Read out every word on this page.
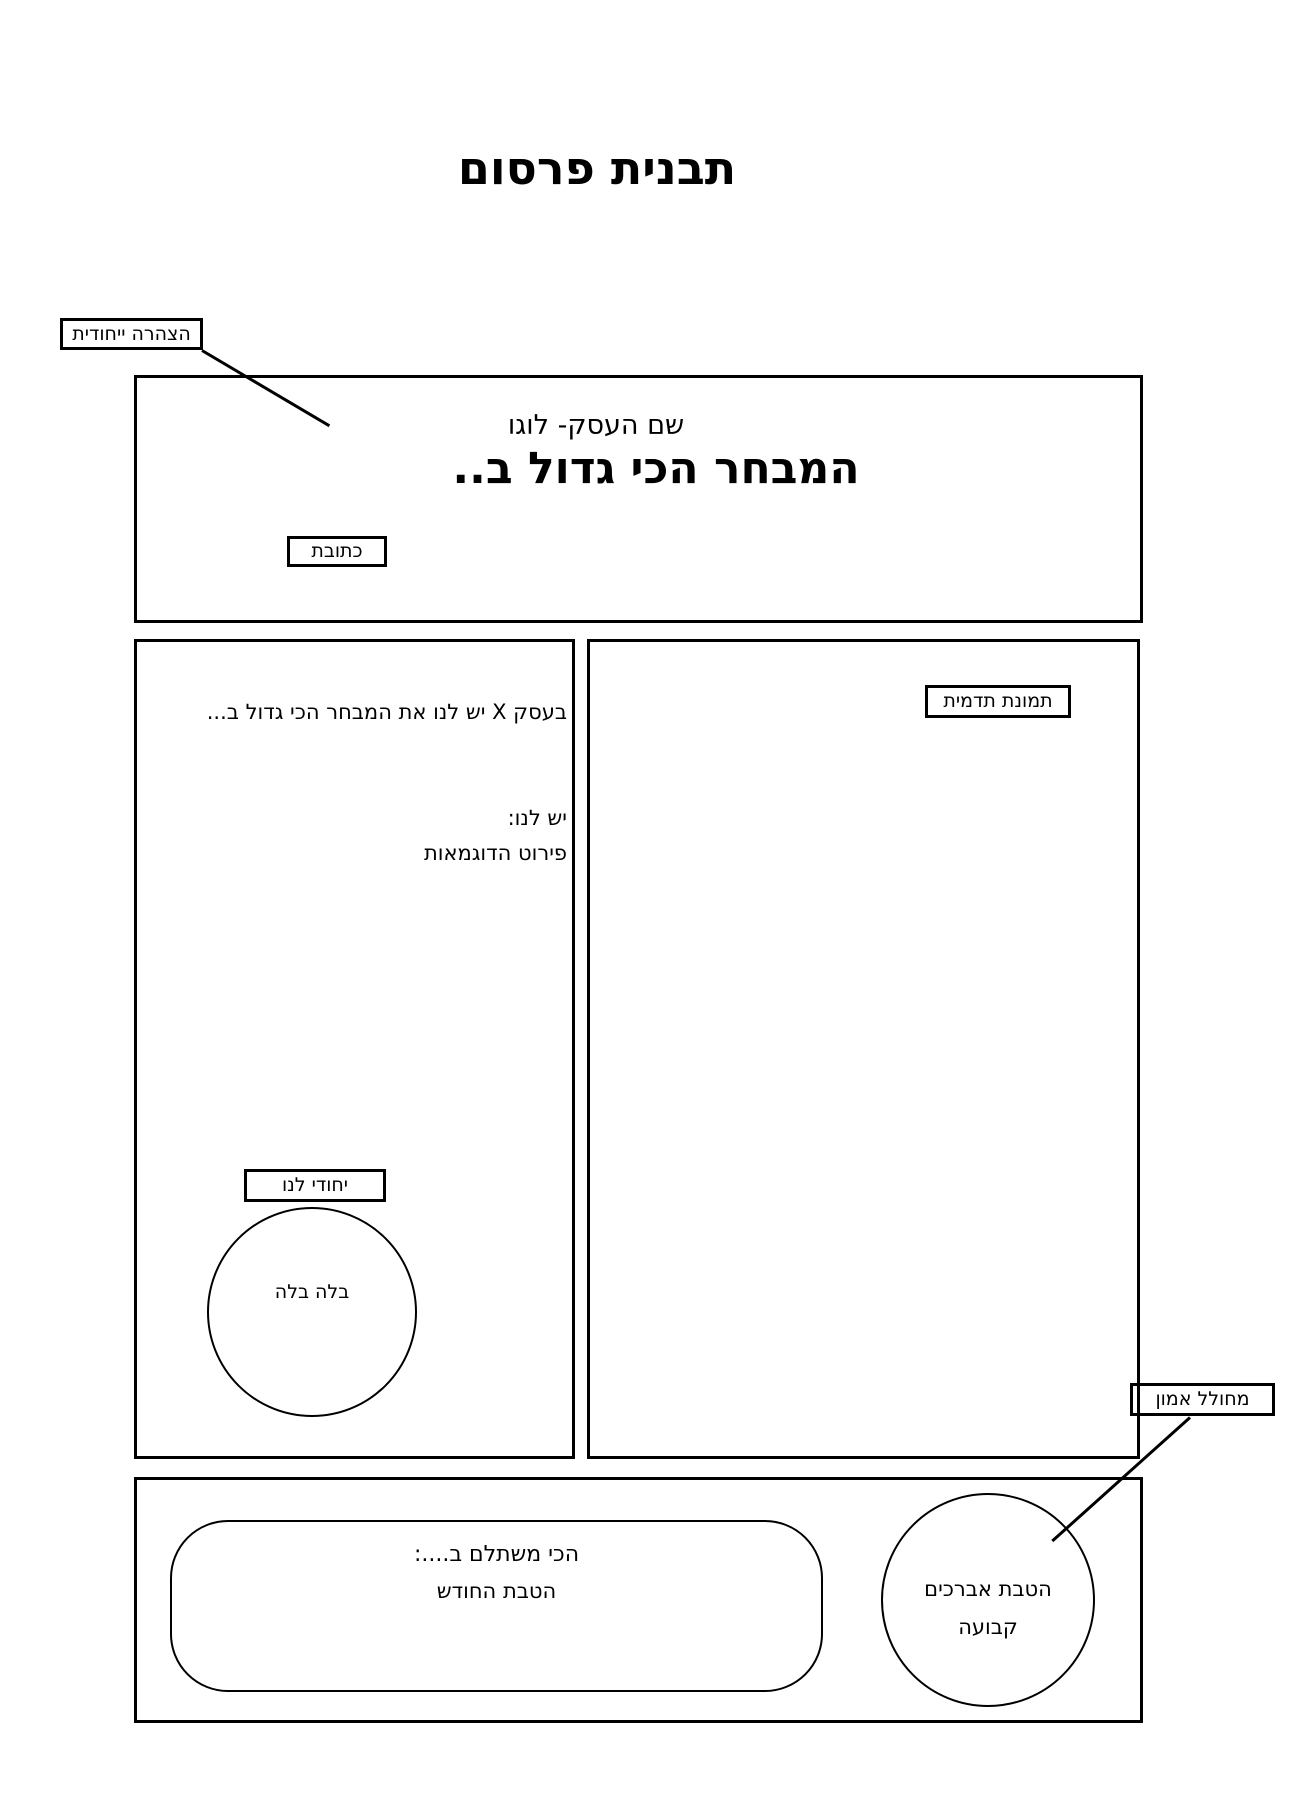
תבנית פרסום
הצהרה ייחודית
שם העסק- לוגו
המבחר הכי גדול ב..
כתובת
בעסק X יש לנו את המבחר הכי גדול ב...
יש לנו:
פירוט הדוגמאות
יחודי לנו
בלה בלה
תמונת תדמית
הכי משתלם ב....:
הטבת החודש	הטבת אברכים
קבועה
מחולל אמון
